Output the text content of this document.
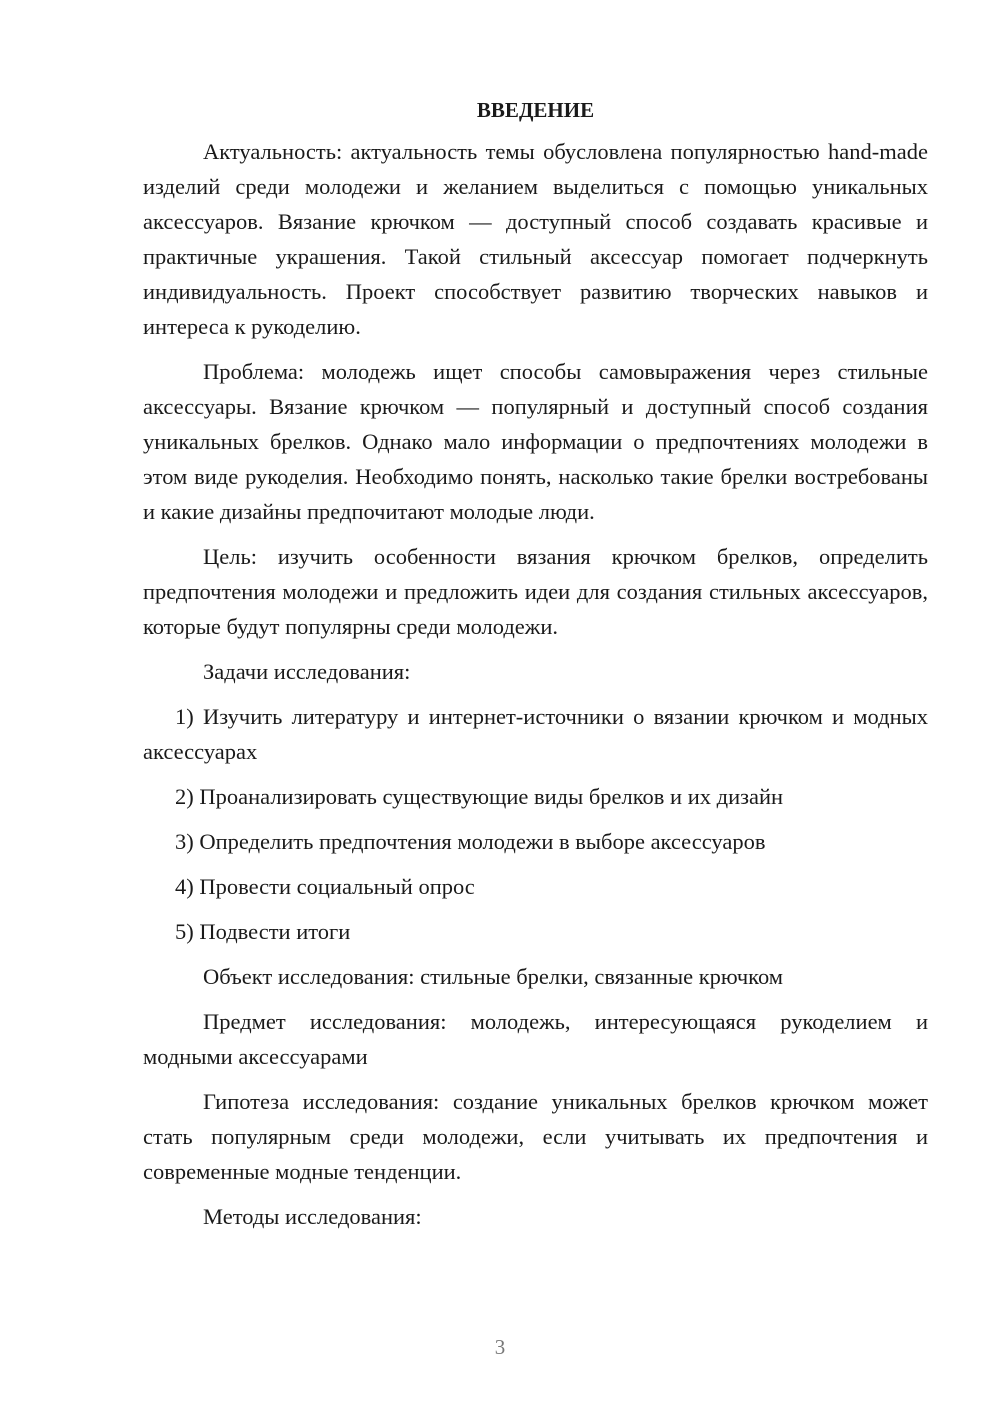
ВВЕДЕНИЕ

Актуальность: актуальность темы обусловлена популярностью hand-made изделий среди молодежи и желанием выделиться с помощью уникальных аксессуаров. Вязание крючком — доступный способ создавать красивые и практичные украшения. Такой стильный аксессуар помогает подчеркнуть индивидуальность. Проект способствует развитию творческих навыков и интереса к рукоделию.

Проблема: молодежь ищет способы самовыражения через стильные аксессуары. Вязание крючком — популярный и доступный способ создания уникальных брелков. Однако мало информации о предпочтениях молодежи в этом виде рукоделия. Необходимо понять, насколько такие брелки востребованы и какие дизайны предпочитают молодые люди.

Цель: изучить особенности вязания крючком брелков, определить предпочтения молодежи и предложить идеи для создания стильных аксессуаров, которые будут популярны среди молодежи.

Задачи исследования:

1) Изучить литературу и интернет-источники о вязании крючком и модных аксессуарах

2) Проанализировать существующие виды брелков и их дизайн

3) Определить предпочтения молодежи в выборе аксессуаров

4) Провести социальный опрос

5) Подвести итоги

Объект исследования: стильные брелки, связанные крючком

Предмет исследования: молодежь, интересующаяся рукоделием и модными аксессуарами

Гипотеза исследования: создание уникальных брелков крючком может стать популярным среди молодежи, если учитывать их предпочтения и современные модные тенденции.

Методы исследования:

3
